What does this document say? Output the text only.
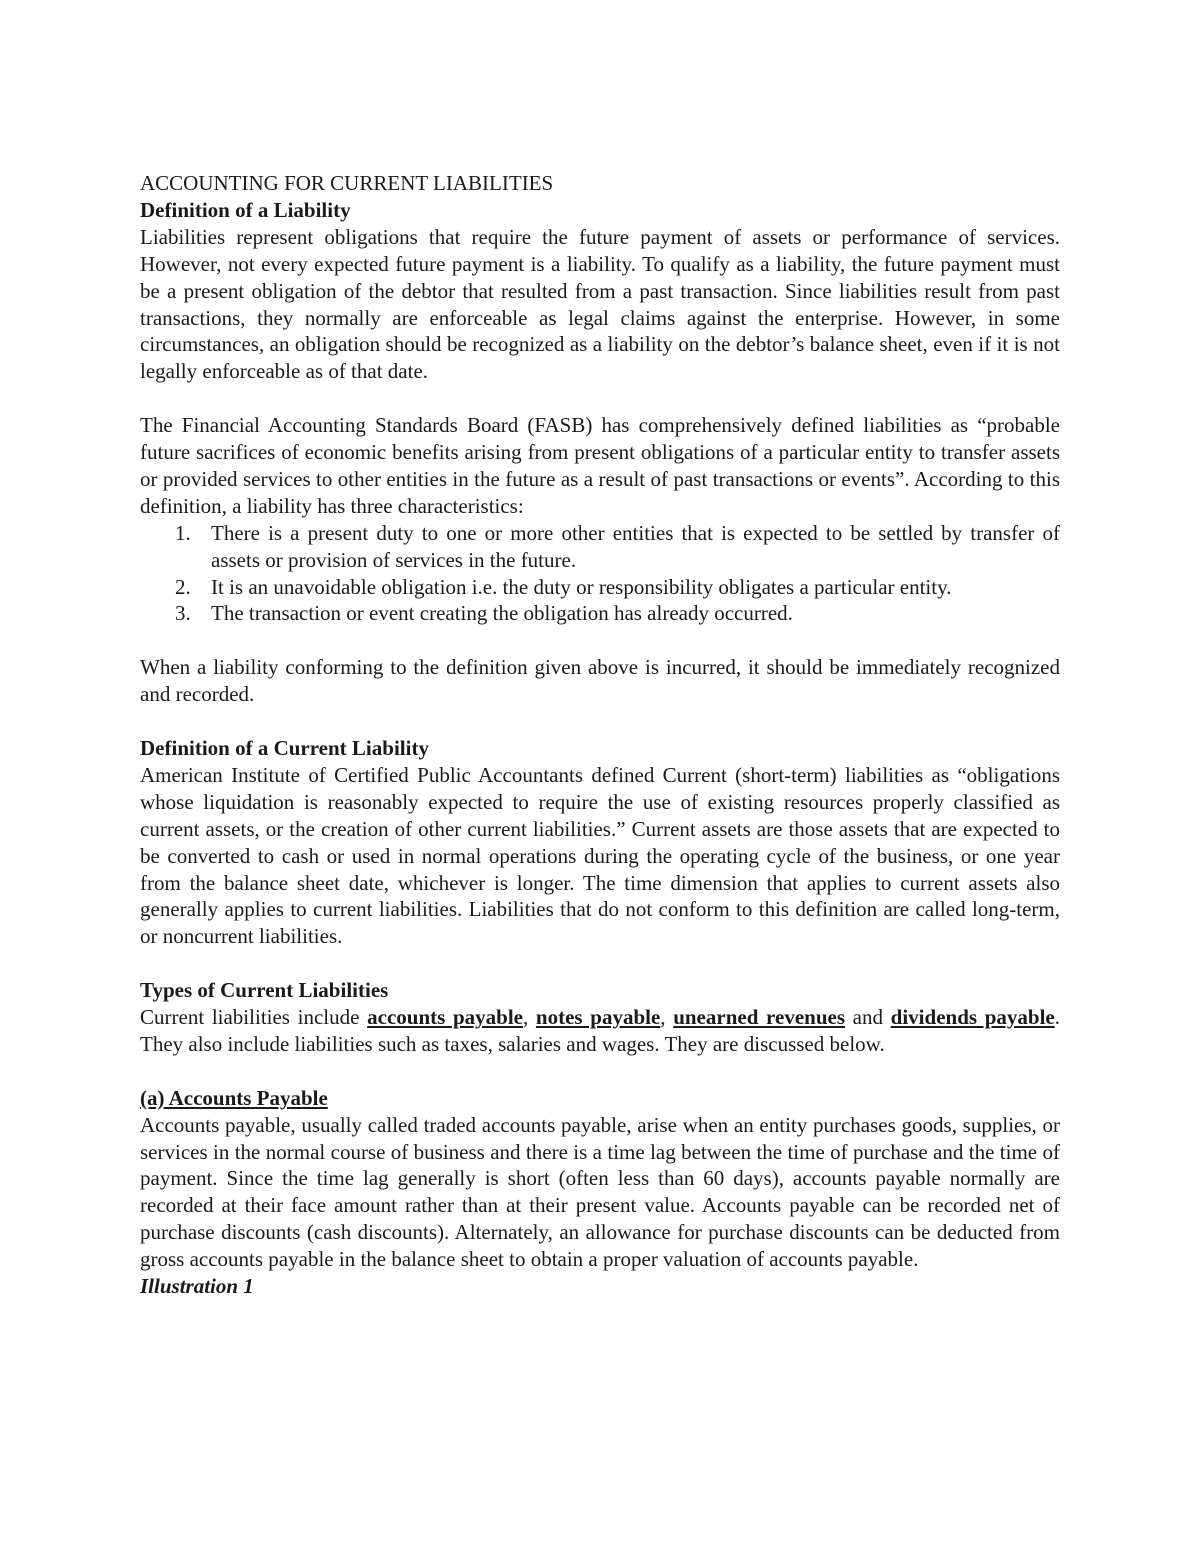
ACCOUNTING FOR CURRENT LIABILITIES

Definition of a Liability

Liabilities represent obligations that require the future payment of assets or performance of services. However, not every expected future payment is a liability. To qualify as a liability, the future payment must be a present obligation of the debtor that resulted from a past transaction. Since liabilities result from past transactions, they normally are enforceable as legal claims against the enterprise. However, in some circumstances, an obligation should be recognized as a liability on the debtor’s balance sheet, even if it is not legally enforceable as of that date.

The Financial Accounting Standards Board (FASB) has comprehensively defined liabilities as “probable future sacrifices of economic benefits arising from present obligations of a particular entity to transfer assets or provided services to other entities in the future as a result of past transactions or events”. According to this definition, a liability has three characteristics:

1. There is a present duty to one or more other entities that is expected to be settled by transfer of assets or provision of services in the future.
2. It is an unavoidable obligation i.e. the duty or responsibility obligates a particular entity.
3. The transaction or event creating the obligation has already occurred.

When a liability conforming to the definition given above is incurred, it should be immediately recognized and recorded.

Definition of a Current Liability

American Institute of Certified Public Accountants defined Current (short-term) liabilities as “obligations whose liquidation is reasonably expected to require the use of existing resources properly classified as current assets, or the creation of other current liabilities.” Current assets are those assets that are expected to be converted to cash or used in normal operations during the operating cycle of the business, or one year from the balance sheet date, whichever is longer. The time dimension that applies to current assets also generally applies to current liabilities. Liabilities that do not conform to this definition are called long-term, or noncurrent liabilities.

Types of Current Liabilities

Current liabilities include accounts payable, notes payable, unearned revenues and dividends payable. They also include liabilities such as taxes, salaries and wages. They are discussed below.

(a) Accounts Payable

Accounts payable, usually called traded accounts payable, arise when an entity purchases goods, supplies, or services in the normal course of business and there is a time lag between the time of purchase and the time of payment. Since the time lag generally is short (often less than 60 days), accounts payable normally are recorded at their face amount rather than at their present value. Accounts payable can be recorded net of purchase discounts (cash discounts). Alternately, an allowance for purchase discounts can be deducted from gross accounts payable in the balance sheet to obtain a proper valuation of accounts payable.

Illustration 1
